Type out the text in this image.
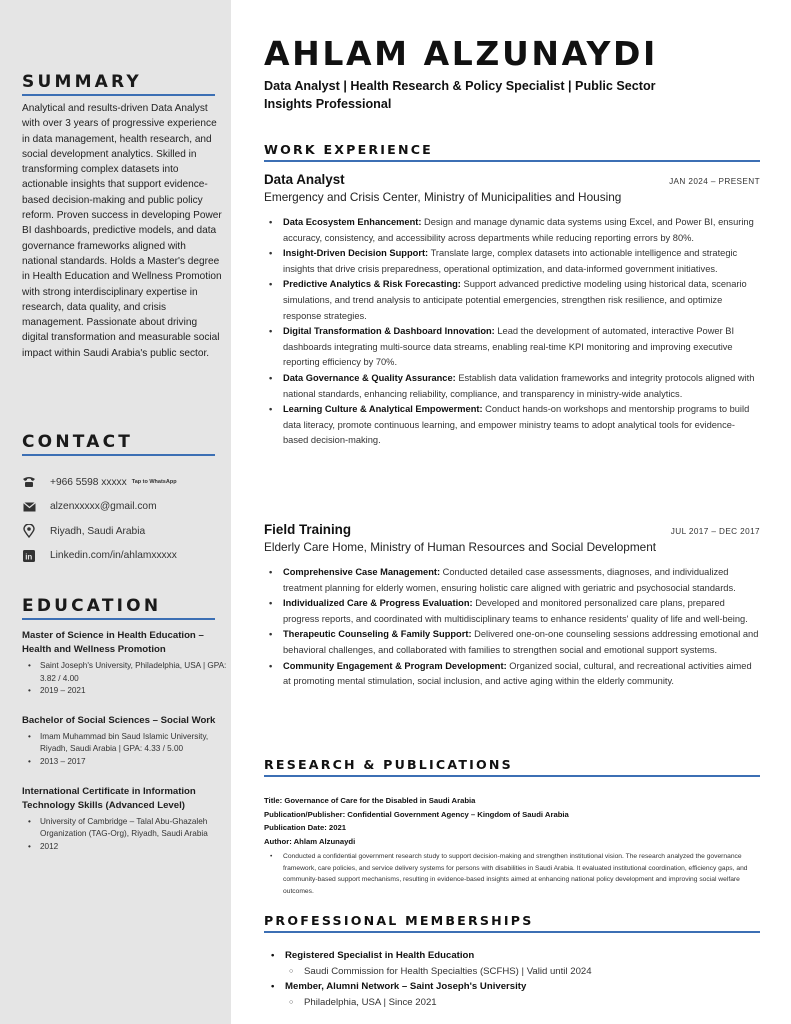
SUMMARY

Analytical and results-driven Data Analyst with over 3 years of progressive experience in data management, health research, and social development analytics. Skilled in transforming complex datasets into actionable insights that support evidence-based decision-making and public policy reform. Proven success in developing Power BI dashboards, predictive models, and data governance frameworks aligned with national standards. Holds a Master's degree in Health Education and Wellness Promotion with strong interdisciplinary expertise in research, data quality, and crisis management. Passionate about driving digital transformation and measurable social impact within Saudi Arabia's public sector.

CONTACT
+966 5598 xxxxx Tap to WhatsApp
alzenxxxxx@gmail.com
Riyadh, Saudi Arabia
in Linkedin.com/in/ahlamxxxxx
EDUCATION
Master of Science in Health Education – Health and Wellness Promotion
• Saint Joseph's University, Philadelphia, USA | GPA: 3.82 / 4.00
• 2019 – 2021
Bachelor of Social Sciences – Social Work
• Imam Muhammad bin Saud Islamic University, Riyadh, Saudi Arabia | GPA: 4.33 / 5.00
• 2013 – 2017
International Certificate in Information Technology Skills (Advanced Level)
• University of Cambridge – Talal Abu-Ghazaleh Organization (TAG-Org), Riyadh, Saudi Arabia
• 2012
AHLAM ALZUNAYDI
Data Analyst | Health Research & Policy Specialist | Public Sector Insights Professional
WORK EXPERIENCE
Data Analyst	JAN 2024 – PRESENT
Emergency and Crisis Center, Ministry of Municipalities and Housing
• Data Ecosystem Enhancement: Design and manage dynamic data systems using Excel, and Power BI, ensuring accuracy, consistency, and accessibility across departments while reducing reporting errors by 80%.
• Insight-Driven Decision Support: Translate large, complex datasets into actionable intelligence and strategic insights that drive crisis preparedness, operational optimization, and data-informed government initiatives.
• Predictive Analytics & Risk Forecasting: Support advanced predictive modeling using historical data, scenario simulations, and trend analysis to anticipate potential emergencies, strengthen risk resilience, and optimize response strategies.
• Digital Transformation & Dashboard Innovation: Lead the development of automated, interactive Power BI dashboards integrating multi-source data streams, enabling real-time KPI monitoring and improving executive reporting efficiency by 70%.
• Data Governance & Quality Assurance: Establish data validation frameworks and integrity protocols aligned with national standards, enhancing reliability, compliance, and transparency in ministry-wide analytics.
• Learning Culture & Analytical Empowerment: Conduct hands-on workshops and mentorship programs to build data literacy, promote continuous learning, and empower ministry teams to adopt analytical tools for evidence-based decision-making.
Field Training	JUL 2017 – DEC 2017
Elderly Care Home, Ministry of Human Resources and Social Development
• Comprehensive Case Management: Conducted detailed case assessments, diagnoses, and individualized treatment planning for elderly women, ensuring holistic care aligned with geriatric and psychosocial standards.
• Individualized Care & Progress Evaluation: Developed and monitored personalized care plans, prepared progress reports, and coordinated with multidisciplinary teams to enhance residents' quality of life and well-being.
• Therapeutic Counseling & Family Support: Delivered one-on-one counseling sessions addressing emotional and behavioral challenges, and collaborated with families to strengthen social and emotional support systems.
• Community Engagement & Program Development: Organized social, cultural, and recreational activities aimed at promoting mental stimulation, social inclusion, and active aging within the elderly community.
RESEARCH & PUBLICATIONS
Title: Governance of Care for the Disabled in Saudi Arabia
Publication/Publisher: Confidential Government Agency – Kingdom of Saudi Arabia
Publication Date: 2021
Author: Ahlam Alzunaydi
• Conducted a confidential government research study to support decision-making and strengthen institutional vision. The research analyzed the governance framework, care policies, and service delivery systems for persons with disabilities in Saudi Arabia. It evaluated institutional coordination, efficiency gaps, and community-based support mechanisms, resulting in evidence-based insights aimed at enhancing national policy development and improving social welfare outcomes.
PROFESSIONAL MEMBERSHIPS
• Registered Specialist in Health Education
○ Saudi Commission for Health Specialties (SCFHS) | Valid until 2024
• Member, Alumni Network – Saint Joseph's University
○ Philadelphia, USA | Since 2021
